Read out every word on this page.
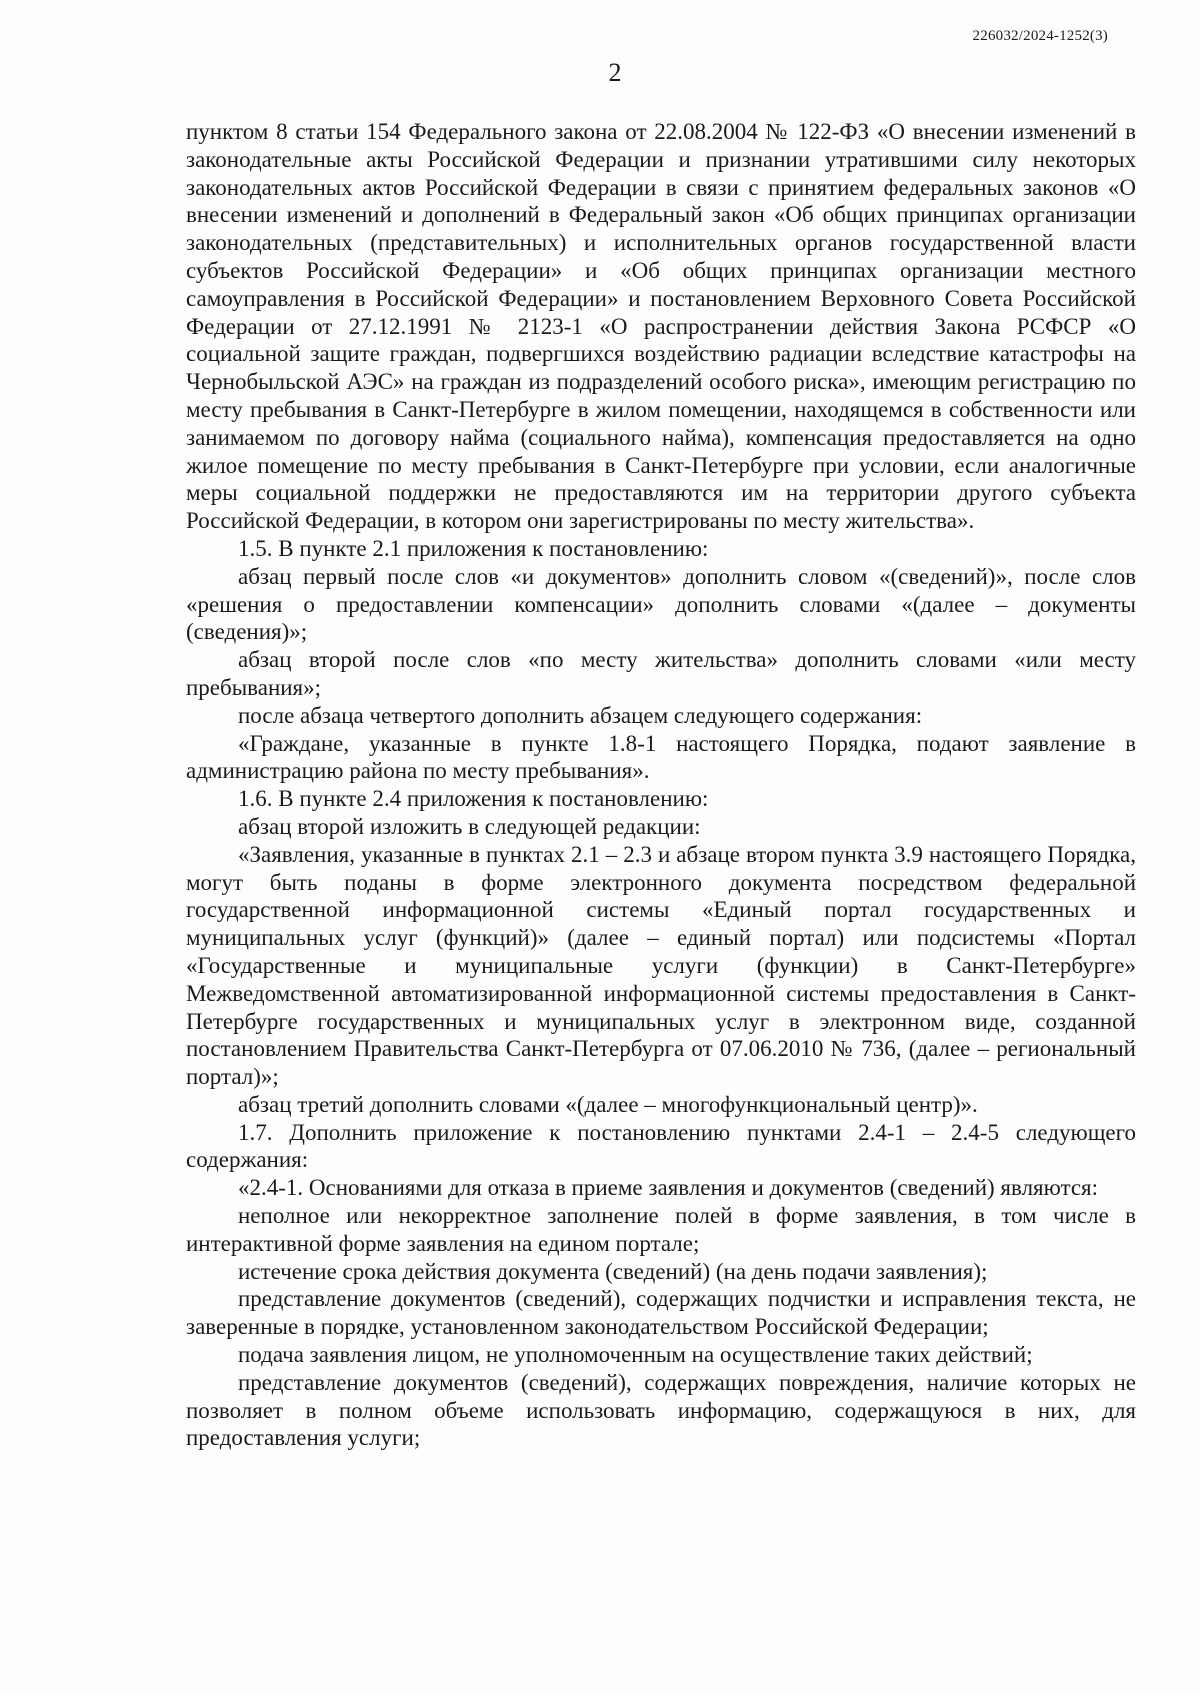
226032/2024-1252(3)
2

пунктом 8 статьи 154 Федерального закона от 22.08.2004 № 122-ФЗ «О внесении изменений в законодательные акты Российской Федерации и признании утратившими силу некоторых законодательных актов Российской Федерации в связи с принятием федеральных законов «О внесении изменений и дополнений в Федеральный закон «Об общих принципах организации законодательных (представительных) и исполнительных органов государственной власти субъектов Российской Федерации» и «Об общих принципах организации местного самоуправления в Российской Федерации» и постановлением Верховного Совета Российской Федерации от 27.12.1991 № 2123-1 «О распространении действия Закона РСФСР «О социальной защите граждан, подвергшихся воздействию радиации вследствие катастрофы на Чернобыльской АЭС» на граждан из подразделений особого риска», имеющим регистрацию по месту пребывания в Санкт-Петербурге в жилом помещении, находящемся в собственности или занимаемом по договору найма (социального найма), компенсация предоставляется на одно жилое помещение по месту пребывания в Санкт-Петербурге при условии, если аналогичные меры социальной поддержки не предоставляются им на территории другого субъекта Российской Федерации, в котором они зарегистрированы по месту жительства».

1.5. В пункте 2.1 приложения к постановлению:

абзац первый после слов «и документов» дополнить словом «(сведений)», после слов «решения о предоставлении компенсации» дополнить словами «(далее – документы (сведения)»;

абзац второй после слов «по месту жительства» дополнить словами «или месту пребывания»;

после абзаца четвертого дополнить абзацем следующего содержания:

«Граждане, указанные в пункте 1.8-1 настоящего Порядка, подают заявление в администрацию района по месту пребывания».

1.6. В пункте 2.4 приложения к постановлению:

абзац второй изложить в следующей редакции:

«Заявления, указанные в пунктах 2.1 – 2.3 и абзаце втором пункта 3.9 настоящего Порядка, могут быть поданы в форме электронного документа посредством федеральной государственной информационной системы «Единый портал государственных и муниципальных услуг (функций)» (далее – единый портал) или подсистемы «Портал «Государственные и муниципальные услуги (функции) в Санкт-Петербурге» Межведомственной автоматизированной информационной системы предоставления в Санкт-Петербурге государственных и муниципальных услуг в электронном виде, созданной постановлением Правительства Санкт-Петербурга от 07.06.2010 № 736, (далее – региональный портал)»;

абзац третий дополнить словами «(далее – многофункциональный центр)».

1.7. Дополнить приложение к постановлению пунктами 2.4-1 – 2.4-5 следующего содержания:

«2.4-1. Основаниями для отказа в приеме заявления и документов (сведений) являются:

неполное или некорректное заполнение полей в форме заявления, в том числе в интерактивной форме заявления на едином портале;

истечение срока действия документа (сведений) (на день подачи заявления);

представление документов (сведений), содержащих подчистки и исправления текста, не заверенные в порядке, установленном законодательством Российской Федерации;

подача заявления лицом, не уполномоченным на осуществление таких действий;

представление документов (сведений), содержащих повреждения, наличие которых не позволяет в полном объеме использовать информацию, содержащуюся в них, для предоставления услуги;
